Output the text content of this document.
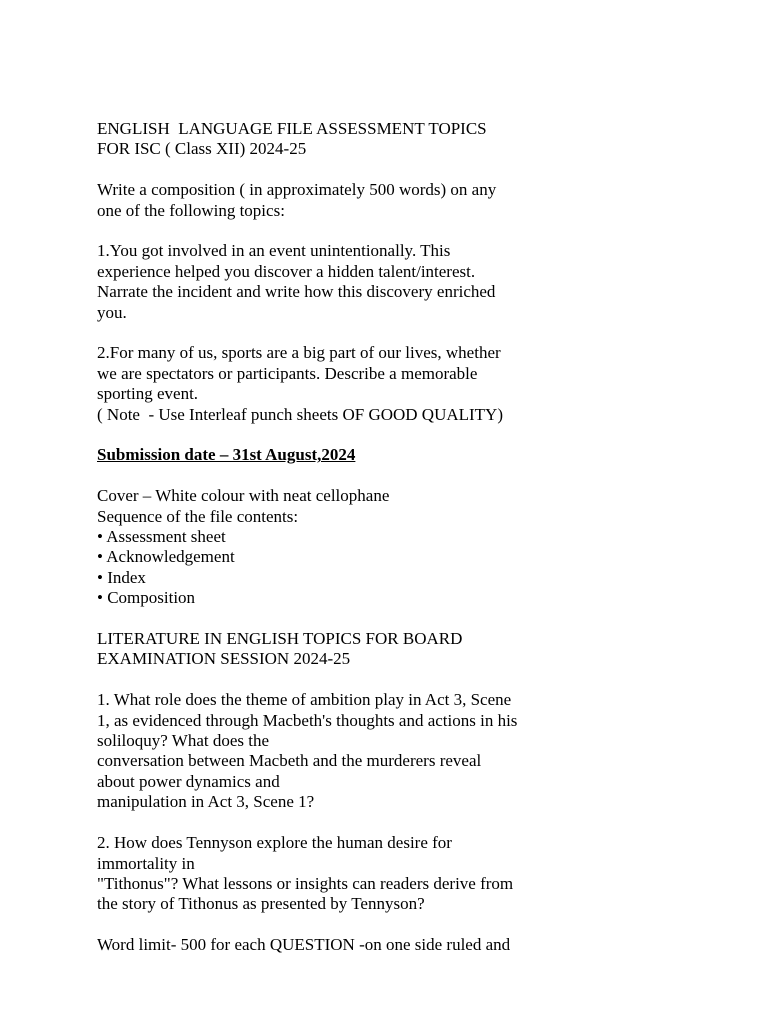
ENGLISH  LANGUAGE FILE ASSESSMENT TOPICS
FOR ISC ( Class XII) 2024-25
Write a composition ( in approximately 500 words) on any
one of the following topics:
1.You got involved in an event unintentionally. This
experience helped you discover a hidden talent/interest.
Narrate the incident and write how this discovery enriched
you.
2.For many of us, sports are a big part of our lives, whether
we are spectators or participants. Describe a memorable
sporting event.
( Note  - Use Interleaf punch sheets OF GOOD QUALITY)
Submission date – 31st August,2024
Cover – White colour with neat cellophane
Sequence of the file contents:
• Assessment sheet
• Acknowledgement
• Index
• Composition
LITERATURE IN ENGLISH TOPICS FOR BOARD
EXAMINATION SESSION 2024-25
1. What role does the theme of ambition play in Act 3, Scene
1, as evidenced through Macbeth's thoughts and actions in his
soliloquy? What does the
conversation between Macbeth and the murderers reveal
about power dynamics and
manipulation in Act 3, Scene 1?
2. How does Tennyson explore the human desire for
immortality in
"Tithonus"? What lessons or insights can readers derive from
the story of Tithonus as presented by Tennyson?
Word limit- 500 for each QUESTION -on one side ruled and
